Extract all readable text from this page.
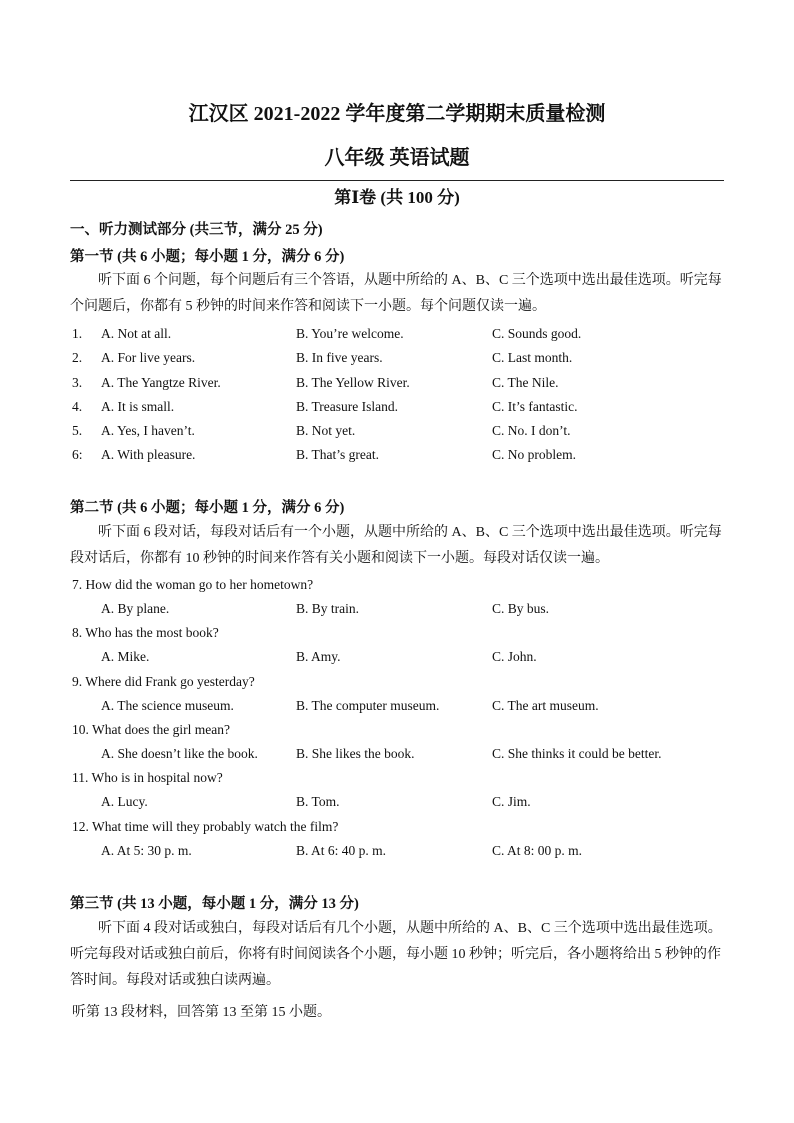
江汉区 2021-2022 学年度第二学期期末质量检测
八年级 英语试题
第Ⅰ卷 (共 100 分)
一、听力测试部分 (共三节，满分 25 分)
第一节 (共 6 小题；每小题 1 分，满分 6 分)
听下面 6 个问题，每个问题后有三个答语，从题中所给的 A、B、C 三个选项中选出最佳选项。听完每个问题后，你都有 5 秒钟的时间来作答和阅读下一小题。每个问题仅读一遍。
1. A. Not at all.	B. You’re welcome.	C. Sounds good.
2. A. For live years.	B. In five years.	C. Last month.
3. A. The Yangtze River.	B. The Yellow River.	C. The Nile.
4. A. It is small.	B. Treasure Island.	C. It’s fantastic.
5. A. Yes, I haven’t.	B. Not yet.	C. No. I don’t.
6: A. With pleasure.	B. That’s great.	C. No problem.
第二节 (共 6 小题；每小题 1 分，满分 6 分)
听下面 6 段对话，每段对话后有一个小题，从题中所给的 A、B、C 三个选项中选出最佳选项。听完每段对话后，你都有 10 秒钟的时间来作答有关小题和阅读下一小题。每段对话仅读一遍。
7. How did the woman go to her hometown?
A. By plane.	B. By train.	C. By bus.
8. Who has the most book?
A. Mike.	B. Amy.	C. John.
9. Where did Frank go yesterday?
A. The science museum.	B. The computer museum.	C. The art museum.
10. What does the girl mean?
A. She doesn’t like the book.	B. She likes the book.	C. She thinks it could be better.
11. Who is in hospital now?
A. Lucy.	B. Tom.	C. Jim.
12. What time will they probably watch the film?
A. At 5: 30 p. m.	B. At 6: 40 p. m.	C. At 8: 00 p. m.
第三节 (共 13 小题，每小题 1 分，满分 13 分)
听下面 4 段对话或独白，每段对话后有几个小题，从题中所给的 A、B、C 三个选项中选出最佳选项。听完每段对话或独白前后，你将有时间阅读各个小题，每小题 10 秒钟；听完后，各小题将给出 5 秒钟的作答时间。每段对话或独白读两遍。
听第 13 段材料，回答第 13 至第 15 小题。
